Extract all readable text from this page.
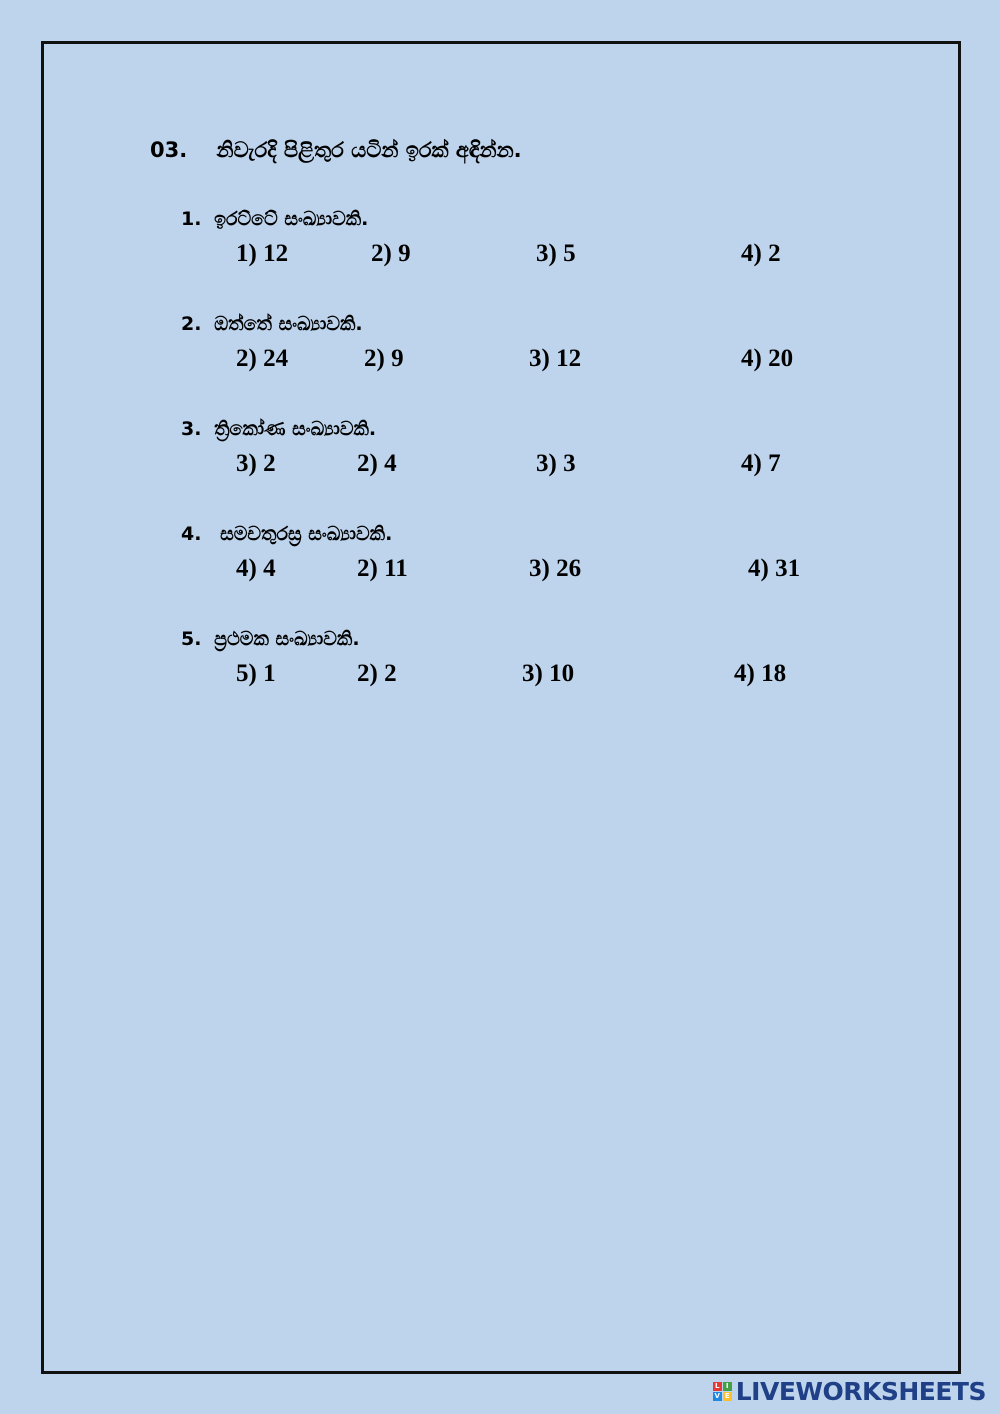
03. නිවැරදි පිළිතුර යටින් ඉරක් අඳින්න.
1. ඉරට්ටේ සංඛ්‍යාවකි.
1) 12	2) 9	3) 5	4) 2
2. ඔත්තේ සංඛ්‍යාවකි.
2) 24	2) 9	3) 12	4) 20
3. ත්‍රිකෝණ සංඛ්‍යාවකි.
3) 2	2) 4	3) 3	4) 7
4. සමචතුරස්‍ර සංඛ්‍යාවකි.
4) 4	2) 11	3) 26	4) 31
5. ප්‍රථමක සංඛ්‍යාවකි.
5) 1	2) 2	3) 10	4) 18
L I
V E LIVEWORKSHEETS
